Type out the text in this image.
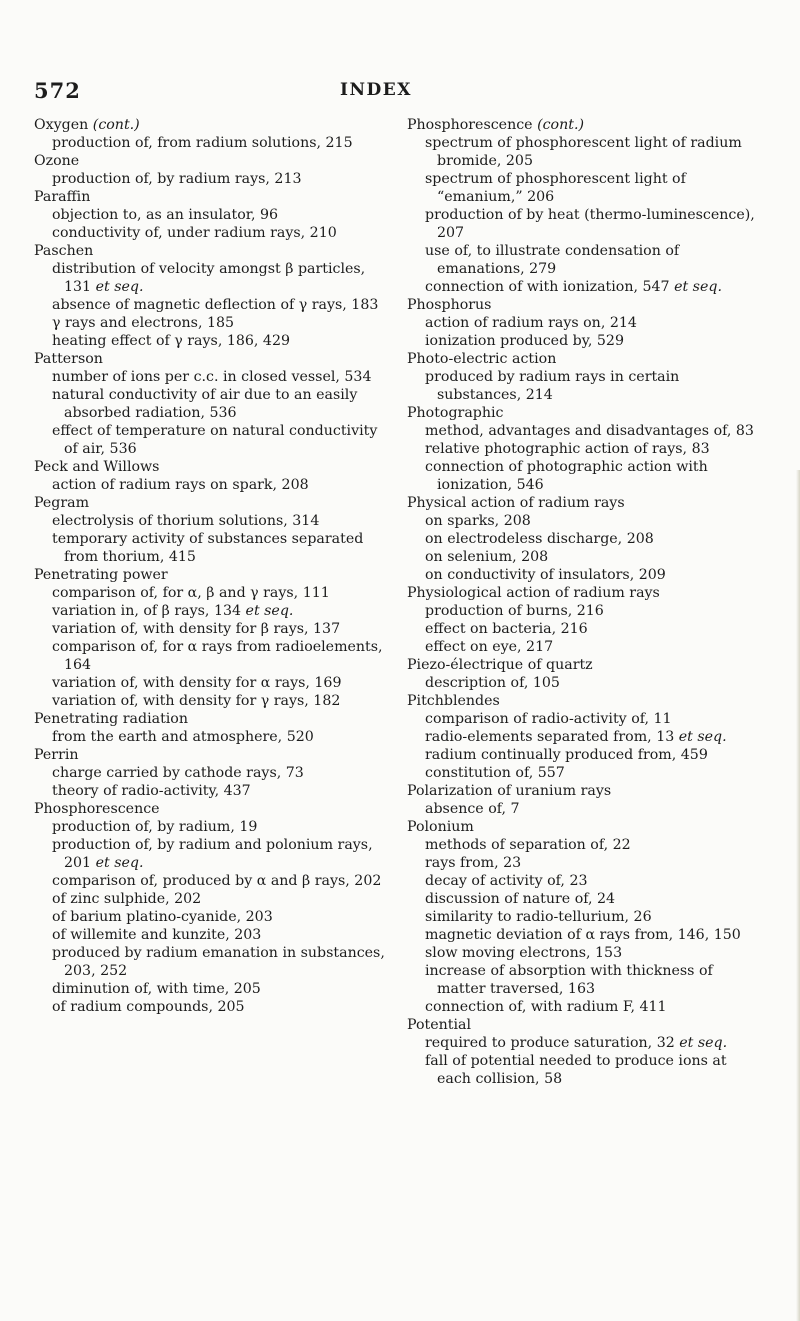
572	INDEX
Oxygen (cont.)
production of, from radium solutions, 215
Ozone
production of, by radium rays, 213
Paraffin
objection to, as an insulator, 96
conductivity of, under radium rays, 210
Paschen
distribution of velocity amongst β particles, 131 et seq.
absence of magnetic deflection of γ rays, 183
γ rays and electrons, 185
heating effect of γ rays, 186, 429
Patterson
number of ions per c.c. in closed vessel, 534
natural conductivity of air due to an easily absorbed radiation, 536
effect of temperature on natural conductivity of air, 536
Peck and Willows
action of radium rays on spark, 208
Pegram
electrolysis of thorium solutions, 314
temporary activity of substances separated from thorium, 415
Penetrating power
comparison of, for α, β and γ rays, 111
variation in, of β rays, 134 et seq.
variation of, with density for β rays, 137
comparison of, for α rays from radioelements, 164
variation of, with density for α rays, 169
variation of, with density for γ rays, 182
Penetrating radiation
from the earth and atmosphere, 520
Perrin
charge carried by cathode rays, 73
theory of radio-activity, 437
Phosphorescence
production of, by radium, 19
production of, by radium and polonium rays, 201 et seq.
comparison of, produced by α and β rays, 202
of zinc sulphide, 202
of barium platino-cyanide, 203
of willemite and kunzite, 203
produced by radium emanation in substances, 203, 252
diminution of, with time, 205
of radium compounds, 205
Phosphorescence (cont.)
spectrum of phosphorescent light of radium bromide, 205
spectrum of phosphorescent light of “emanium,” 206
production of by heat (thermo-luminescence), 207
use of, to illustrate condensation of emanations, 279
connection of with ionization, 547 et seq.
Phosphorus
action of radium rays on, 214
ionization produced by, 529
Photo-electric action
produced by radium rays in certain substances, 214
Photographic
method, advantages and disadvantages of, 83
relative photographic action of rays, 83
connection of photographic action with ionization, 546
Physical action of radium rays
on sparks, 208
on electrodeless discharge, 208
on selenium, 208
on conductivity of insulators, 209
Physiological action of radium rays
production of burns, 216
effect on bacteria, 216
effect on eye, 217
Piezo-électrique of quartz
description of, 105
Pitchblendes
comparison of radio-activity of, 11
radio-elements separated from, 13 et seq.
radium continually produced from, 459
constitution of, 557
Polarization of uranium rays
absence of, 7
Polonium
methods of separation of, 22
rays from, 23
decay of activity of, 23
discussion of nature of, 24
similarity to radio-tellurium, 26
magnetic deviation of α rays from, 146, 150
slow moving electrons, 153
increase of absorption with thickness of matter traversed, 163
connection of, with radium F, 411
Potential
required to produce saturation, 32 et seq.
fall of potential needed to produce ions at each collision, 58
